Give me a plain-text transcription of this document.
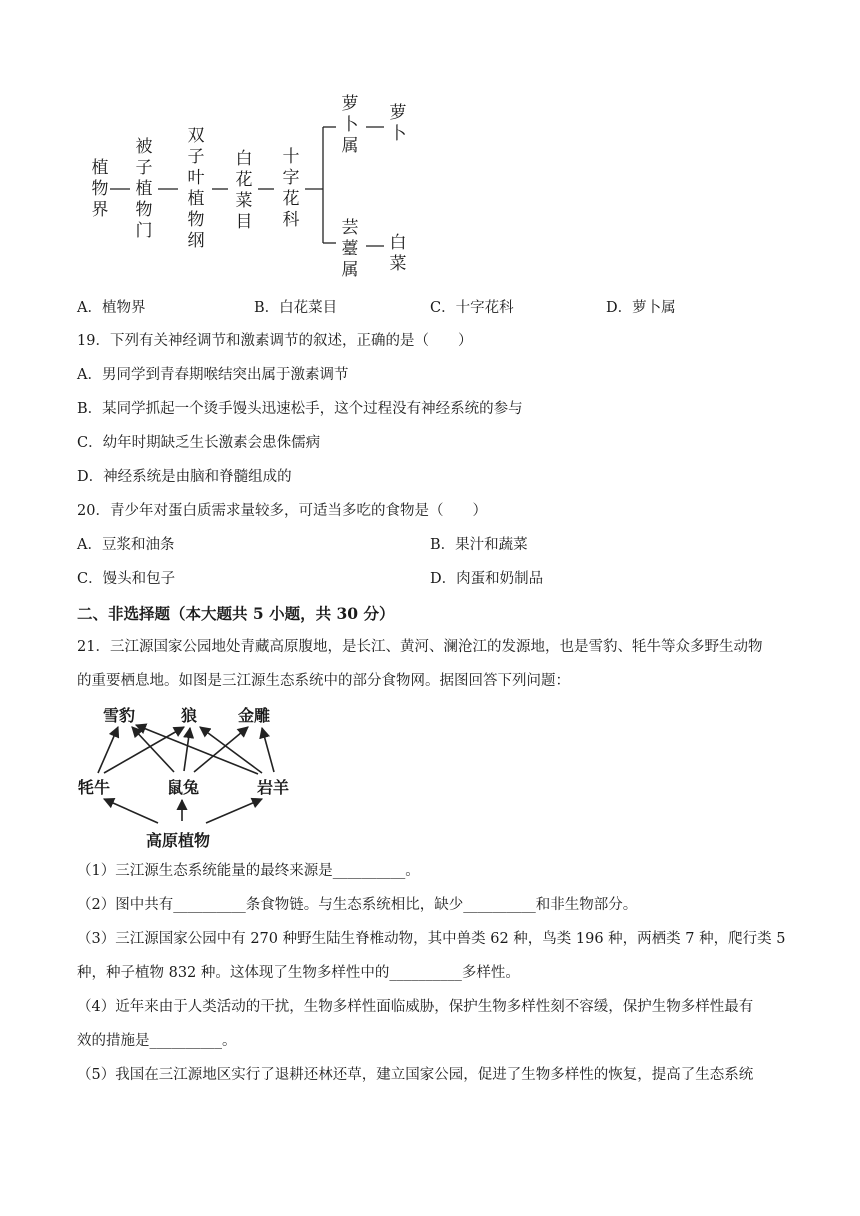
植物界
被子植物门
双子叶植物纲
白花菜目
十字花科
萝卜属
萝卜
芸薹属
白菜
A．植物界	B．白花菜目	C．十字花科	D．萝卜属
19．下列有关神经调节和激素调节的叙述，正确的是（　　）
A．男同学到青春期喉结突出属于激素调节
B．某同学抓起一个烫手馒头迅速松手，这个过程没有神经系统的参与
C．幼年时期缺乏生长激素会患侏儒病
D．神经系统是由脑和脊髓组成的
20．青少年对蛋白质需求量较多，可适当多吃的食物是（　　）
A．豆浆和油条	B．果汁和蔬菜
C．馒头和包子	D．肉蛋和奶制品
二、非选择题（本大题共 5 小题，共 30 分）
21．三江源国家公园地处青藏高原腹地，是长江、黄河、澜沧江的发源地，也是雪豹、牦牛等众多野生动物
的重要栖息地。如图是三江源生态系统中的部分食物网。据图回答下列问题：
雪豹	狼	金雕
牦牛	鼠兔	岩羊
高原植物
（1）三江源生态系统能量的最终来源是__________。
（2）图中共有__________条食物链。与生态系统相比，缺少__________和非生物部分。
（3）三江源国家公园中有 270 种野生陆生脊椎动物，其中兽类 62 种，鸟类 196 种，两栖类 7 种，爬行类 5
种，种子植物 832 种。这体现了生物多样性中的__________多样性。
（4）近年来由于人类活动的干扰，生物多样性面临威胁，保护生物多样性刻不容缓，保护生物多样性最有
效的措施是__________。
（5）我国在三江源地区实行了退耕还林还草，建立国家公园，促进了生物多样性的恢复，提高了生态系统
